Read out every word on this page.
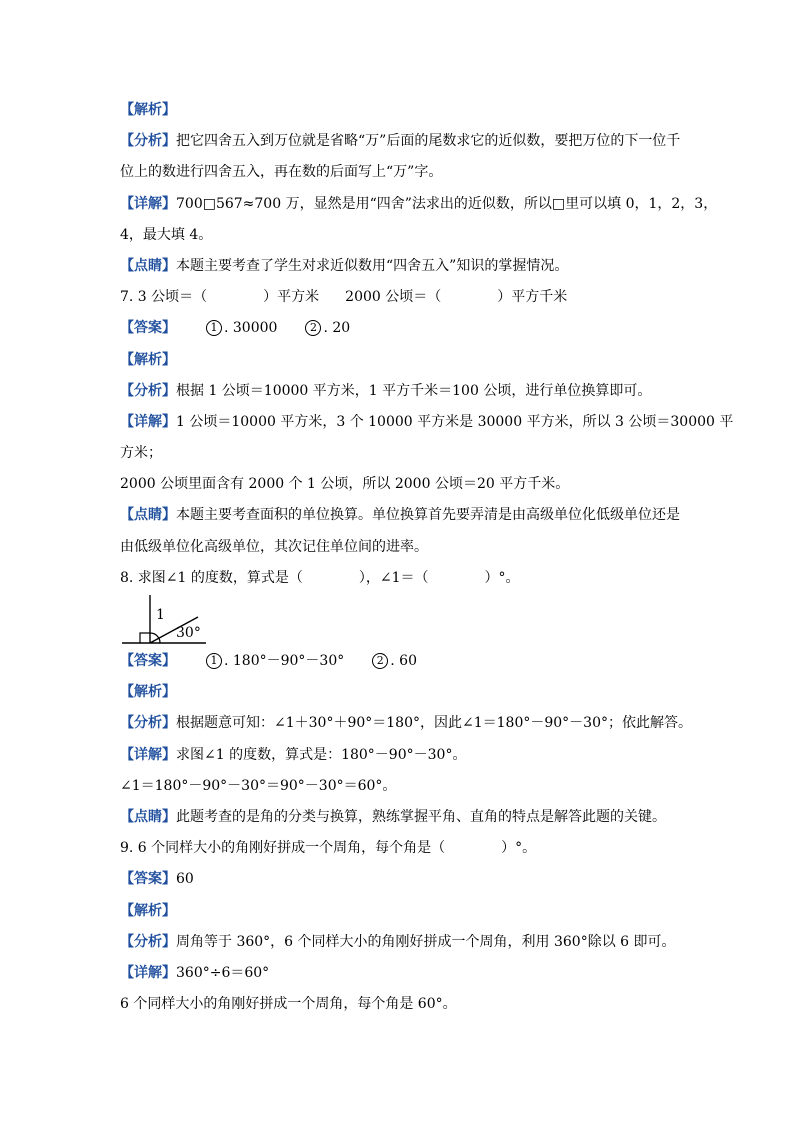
【解析】
【分析】把它四舍五入到万位就是省略“万”后面的尾数求它的近似数，要把万位的下一位千
位上的数进行四舍五入，再在数的后面写上“万”字。
【详解】700□567≈700 万，显然是用“四舍”法求出的近似数，所以□里可以填 0，1，2，3，
4，最大填 4。
【点睛】本题主要考查了学生对求近似数用“四舍五入”知识的掌握情况。
7. 3 公顷＝（	）平方米 2000 公顷＝（	）平方千米
【答案】	1 . 30000	2 . 20
【解析】
【分析】根据 1 公顷＝10000 平方米，1 平方千米＝100 公顷，进行单位换算即可。
【详解】1 公顷＝10000 平方米，3 个 10000 平方米是 30000 平方米，所以 3 公顷＝30000 平
方米；
2000 公顷里面含有 2000 个 1 公顷，所以 2000 公顷＝20 平方千米。
【点睛】本题主要考查面积的单位换算。单位换算首先要弄清是由高级单位化低级单位还是
由低级单位化高级单位，其次记住单位间的进率。
8. 求图∠1 的度数，算式是（	），∠1＝（	）°。
1
30°
【答案】	1 . 180°－90°－30°	2 . 60
【解析】
【分析】根据题意可知：∠1＋30°＋90°＝180°，因此∠1＝180°－90°－30°；依此解答。
【详解】求图∠1 的度数，算式是：180°－90°－30°。
∠1＝180°－90°－30°＝90°－30°＝60°。
【点睛】此题考查的是角的分类与换算，熟练掌握平角、直角的特点是解答此题的关键。
9. 6 个同样大小的角刚好拼成一个周角，每个角是（	）°。
【答案】60
【解析】
【分析】周角等于 360°，6 个同样大小的角刚好拼成一个周角，利用 360°除以 6 即可。
【详解】360°÷6＝60°
6 个同样大小的角刚好拼成一个周角，每个角是 60°。
